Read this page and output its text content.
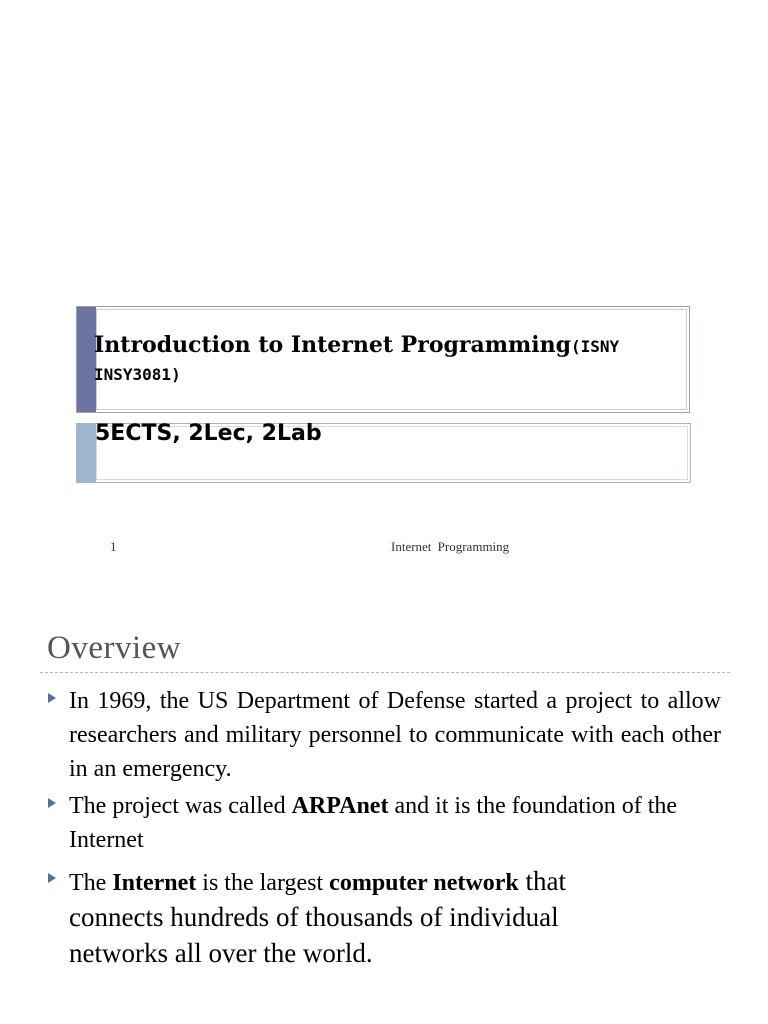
Introduction to Internet Programming(ISNY
INSY3081)
5ECTS, 2Lec, 2Lab
1	Internet Programming
Overview
In 1969, the US Department of Defense started a project to allow researchers and military personnel to communicate with each other in an emergency.
The project was called ARPAnet and it is the foundation of the Internet
The Internet is the largest computer network that connects hundreds of thousands of individual networks all over the world.
